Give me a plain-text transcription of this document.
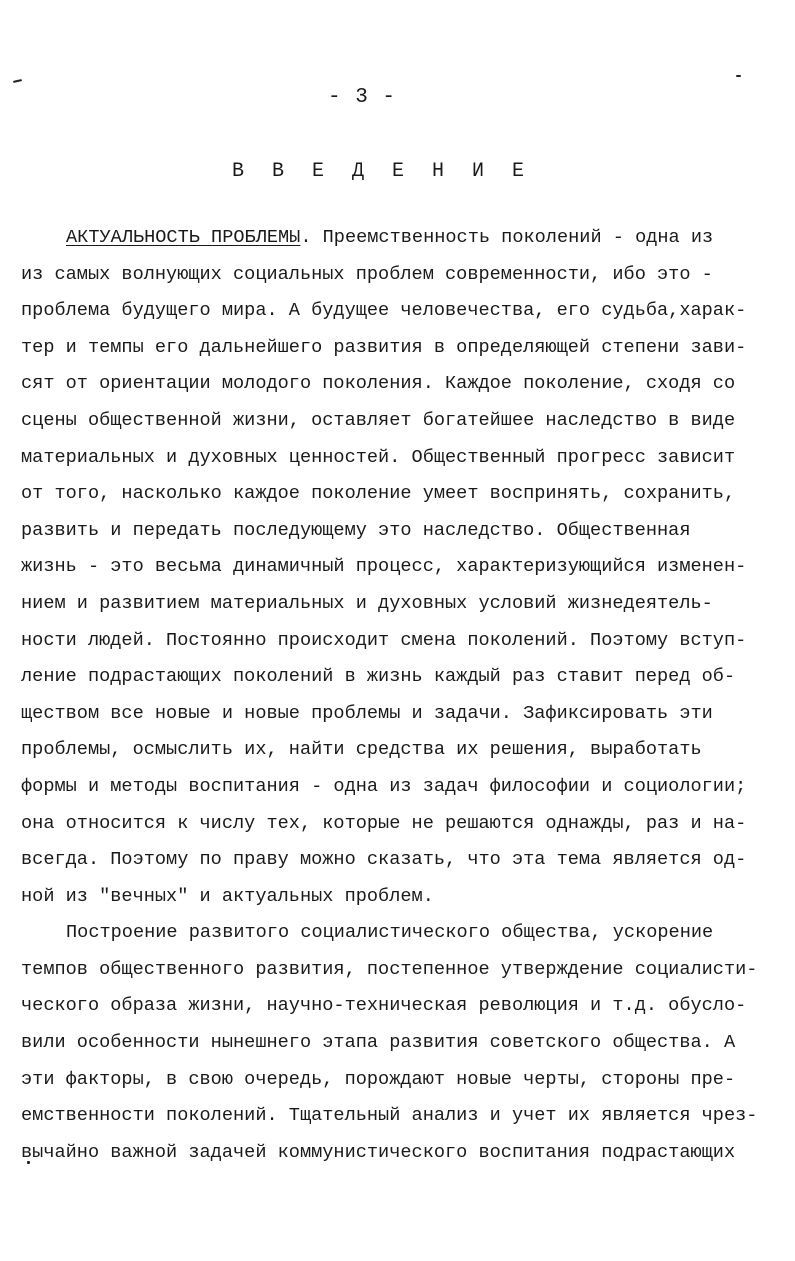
- 3 -
В В Е Д Е Н И Е
АКТУАЛЬНОСТЬ ПРОБЛЕМЫ. Преемственность поколений - одна из
из самых волнующих социальных проблем современности, ибо это -
проблема будущего мира. А будущее человечества, его судьба,харак-
тер и темпы его дальнейшего развития в определяющей степени зави-
сят от ориентации молодого поколения. Каждое поколение, сходя со
сцены общественной жизни, оставляет богатейшее наследство в виде
материальных и духовных ценностей. Общественный прогресс зависит
от того, насколько каждое поколение умеет воспринять, сохранить,
развить и передать последующему это наследство. Общественная
жизнь - это весьма динамичный процесс, характеризующийся изменен-
нием и развитием материальных и духовных условий жизнедеятель-
ности людей. Постоянно происходит смена поколений. Поэтому вступ-
ление подрастающих поколений в жизнь каждый раз ставит перед об-
ществом все новые и новые проблемы и задачи. Зафиксировать эти
проблемы, осмыслить их, найти средства их решения, выработать
формы и методы воспитания - одна из задач философии и социологии;
она относится к числу тех, которые не решаются однажды, раз и на-
всегда. Поэтому по праву можно сказать, что эта тема является од-
ной из "вечных" и актуальных проблем.
Построение развитого социалистического общества, ускорение
темпов общественного развития, постепенное утверждение социалисти-
ческого образа жизни, научно-техническая революция и т.д. обусло-
вили особенности нынешнего этапа развития советского общества. А
эти факторы, в свою очередь, порождают новые черты, стороны пре-
емственности поколений. Тщательный анализ и учет их является чрез-
вычайно важной задачей коммунистического воспитания подрастающих
